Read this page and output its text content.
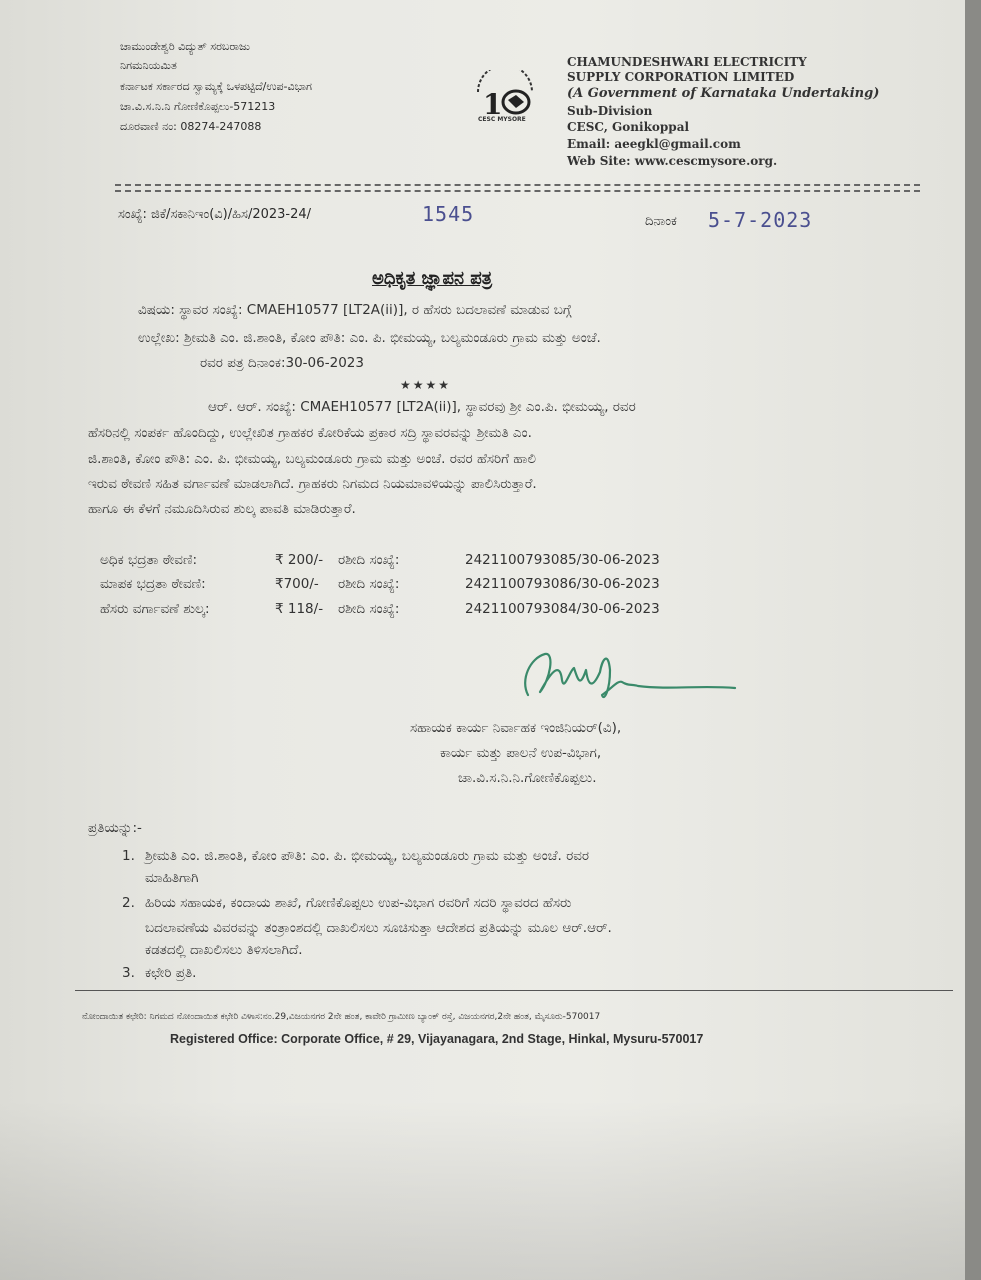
ಚಾಮುಂಡೇಶ್ವರಿ ವಿದ್ಯುತ್ ಸರಬರಾಜು
ನಿಗಮನಿಯಮಿತ
ಕರ್ನಾಟಕ ಸರ್ಕಾರದ ಸ್ವಾಮ್ಯಕ್ಕೆ ಒಳಪಟ್ಟಿದೆ/ಉಪ-ವಿಭಾಗ
ಚಾ.ವಿ.ಸ.ನಿ.ನಿ ಗೋಣಿಕೊಪ್ಪಲು-571213
ದೂರವಾಣಿ ನಂ: 08274-247088
1
CESC MYSORE
CHAMUNDESHWARI ELECTRICITY
SUPPLY CORPORATION LIMITED
(A Government of Karnataka Undertaking)
Sub-Division
CESC, Gonikoppal
Email: aeegkl@gmail.com
Web Site: www.cescmysore.org.
ಸಂಖ್ಯೆ: ಜಿಕೆ/ಸಕಾನಿಇಂ(ವಿ)/ಹಿಸ/2023-24/	1545	ದಿನಾಂಕ 5-7-2023
ಅಧಿಕೃತ ಜ್ಞಾಪನ ಪತ್ರ
ವಿಷಯ: ಸ್ಥಾವರ ಸಂಖ್ಯೆ: CMAEH10577 [LT2A(ii)], ರ ಹೆಸರು ಬದಲಾವಣೆ ಮಾಡುವ ಬಗ್ಗೆ
ಉಲ್ಲೇಖ: ಶ್ರೀಮತಿ ಎಂ. ಜಿ.ಶಾಂತಿ, ಕೋಂ ಪೌತಿ: ಎಂ. ಪಿ. ಭೀಮಯ್ಯ, ಬಲ್ಯಮಂಡೂರು ಗ್ರಾಮ ಮತ್ತು ಅಂಚೆ.
ರವರ ಪತ್ರ ದಿನಾಂಕ:30-06-2023
★★★★
ಆರ್. ಆರ್. ಸಂಖ್ಯೆ: CMAEH10577 [LT2A(ii)], ಸ್ಥಾವರವು ಶ್ರೀ ಎಂ.ಪಿ. ಭೀಮಯ್ಯ, ರವರ
ಹೆಸರಿನಲ್ಲಿ ಸಂಪರ್ಕ ಹೊಂದಿದ್ದು, ಉಲ್ಲೇಖಿತ ಗ್ರಾಹಕರ ಕೋರಿಕೆಯ ಪ್ರಕಾರ ಸದ್ರಿ ಸ್ಥಾವರವನ್ನು ಶ್ರೀಮತಿ ಎಂ.
ಜಿ.ಶಾಂತಿ, ಕೋಂ ಪೌತಿ: ಎಂ. ಪಿ. ಭೀಮಯ್ಯ, ಬಲ್ಯಮಂಡೂರು ಗ್ರಾಮ ಮತ್ತು ಅಂಚೆ. ರವರ ಹೆಸರಿಗೆ ಹಾಲಿ
ಇರುವ ಠೇವಣಿ ಸಹಿತ ವರ್ಗಾವಣೆ ಮಾಡಲಾಗಿದೆ. ಗ್ರಾಹಕರು ನಿಗಮದ ನಿಯಮಾವಳಿಯನ್ನು ಪಾಲಿಸಿರುತ್ತಾರೆ.
ಹಾಗೂ ಈ ಕೆಳಗೆ ನಮೂದಿಸಿರುವ ಶುಲ್ಕ ಪಾವತಿ ಮಾಡಿರುತ್ತಾರೆ.
ಅಧಿಕ ಭದ್ರತಾ ಠೇವಣಿ:	₹ 200/- ರಶೀದಿ ಸಂಖ್ಯೆ:	2421100793085/30-06-2023
ಮಾಪಕ ಭದ್ರತಾ ಠೇವಣಿ:	₹700/- ರಶೀದಿ ಸಂಖ್ಯೆ:	2421100793086/30-06-2023
ಹೆಸರು ವರ್ಗಾವಣೆ ಶುಲ್ಕ:	₹ 118/- ರಶೀದಿ ಸಂಖ್ಯೆ:	2421100793084/30-06-2023
ಸಹಾಯಕ ಕಾರ್ಯ ನಿರ್ವಾಹಕ ಇಂಜಿನಿಯರ್(ವಿ),
ಕಾರ್ಯ ಮತ್ತು ಪಾಲನೆ ಉಪ-ವಿಭಾಗ,
ಚಾ.ವಿ.ಸ.ನಿ.ನಿ.ಗೋಣಿಕೊಪ್ಪಲು.
ಪ್ರತಿಯನ್ನು:-
1. ಶ್ರೀಮತಿ ಎಂ. ಜಿ.ಶಾಂತಿ, ಕೋಂ ಪೌತಿ: ಎಂ. ಪಿ. ಭೀಮಯ್ಯ, ಬಲ್ಯಮಂಡೂರು ಗ್ರಾಮ ಮತ್ತು ಅಂಚೆ. ರವರ
ಮಾಹಿತಿಗಾಗಿ
2. ಹಿರಿಯ ಸಹಾಯಕ, ಕಂದಾಯ ಶಾಖೆ, ಗೋಣಿಕೊಪ್ಪಲು ಉಪ-ವಿಭಾಗ ರವರಿಗೆ ಸದರಿ ಸ್ಥಾವರದ ಹೆಸರು
ಬದಲಾವಣೆಯ ವಿವರವನ್ನು ತಂತ್ರಾಂಶದಲ್ಲಿ ದಾಖಲಿಸಲು ಸೂಚಿಸುತ್ತಾ ಆದೇಶದ ಪ್ರತಿಯನ್ನು ಮೂಲ ಆರ್.ಆರ್.
ಕಡತದಲ್ಲಿ ದಾಖಲಿಸಲು ತಿಳಿಸಲಾಗಿದೆ.
3. ಕಛೇರಿ ಪ್ರತಿ.
ನೋಂದಾಯಿತ ಕಛೇರಿ: ನಿಗಮದ ನೋಂದಾಯಿತ ಕಛೇರಿ ವಿಳಾಸ:ನಂ.29,ವಿಜಯನಗರ 2ನೇ ಹಂತ, ಕಾವೇರಿ ಗ್ರಾಮೀಣ ಬ್ಯಾಂಕ್ ರಸ್ತೆ, ವಿಜಯನಗರ,2ನೇ ಹಂತ, ಮೈಸೂರು-570017
Registered Office: Corporate Office, # 29, Vijayanagara, 2nd Stage, Hinkal, Mysuru-570017
